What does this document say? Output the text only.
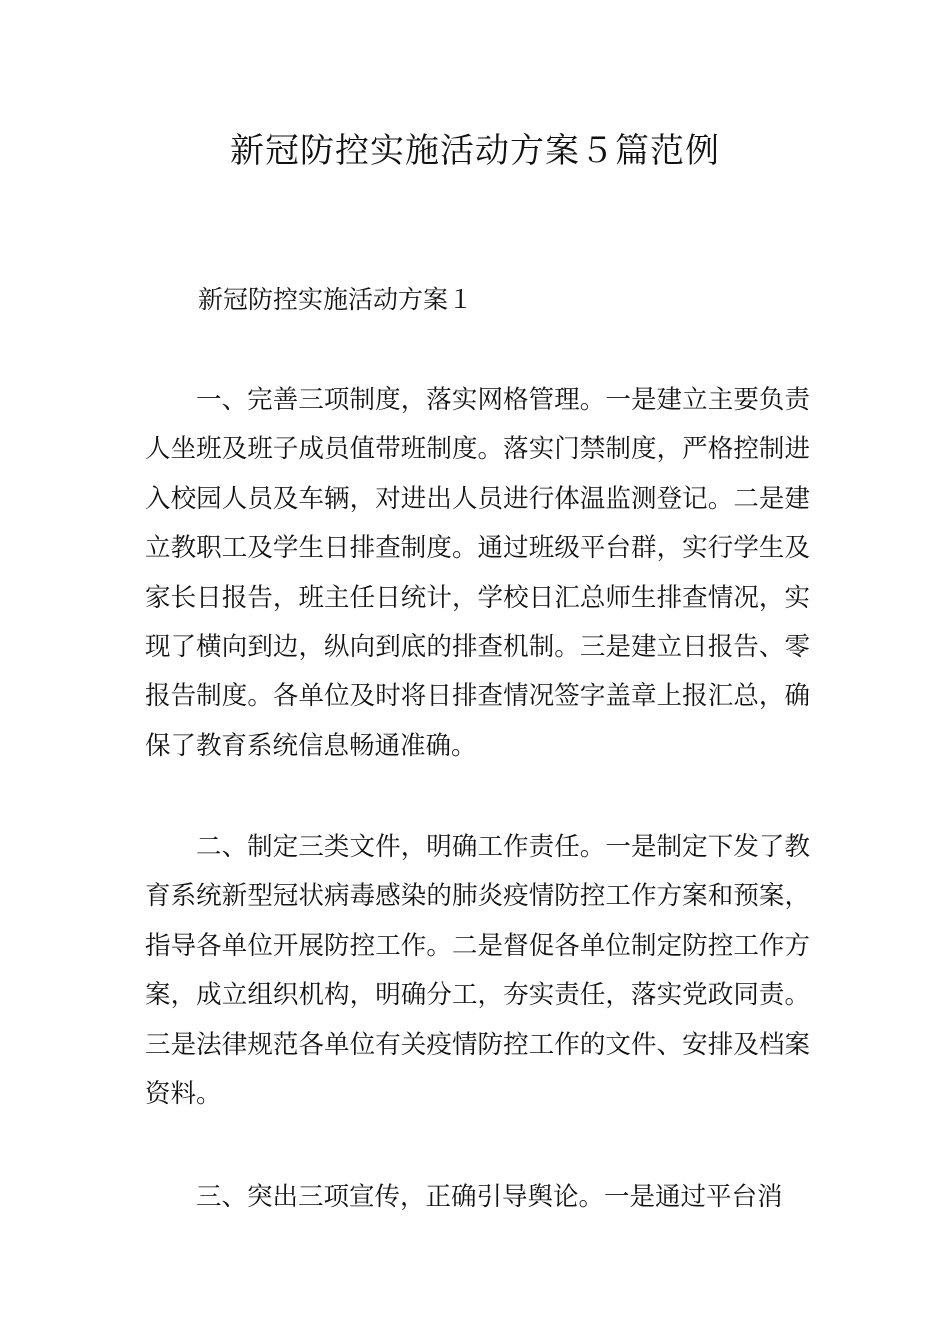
新冠防控实施活动方案５篇范例

新冠防控实施活动方案１

一、完善三项制度，落实网格管理。一是建立主要负责人坐班及班子成员值带班制度。落实门禁制度，严格控制进入校园人员及车辆，对进出人员进行体温监测登记。二是建立教职工及学生日排查制度。通过班级平台群，实行学生及家长日报告，班主任日统计，学校日汇总师生排查情况，实现了横向到边，纵向到底的排查机制。三是建立日报告、零报告制度。各单位及时将日排查情况签字盖章上报汇总，确保了教育系统信息畅通准确。

二、制定三类文件，明确工作责任。一是制定下发了教育系统新型冠状病毒感染的肺炎疫情防控工作方案和预案，指导各单位开展防控工作。二是督促各单位制定防控工作方案，成立组织机构，明确分工，夯实责任，落实党政同责。三是法律规范各单位有关疫情防控工作的文件、安排及档案资料。

三、突出三项宣传，正确引导舆论。一是通过平台消
